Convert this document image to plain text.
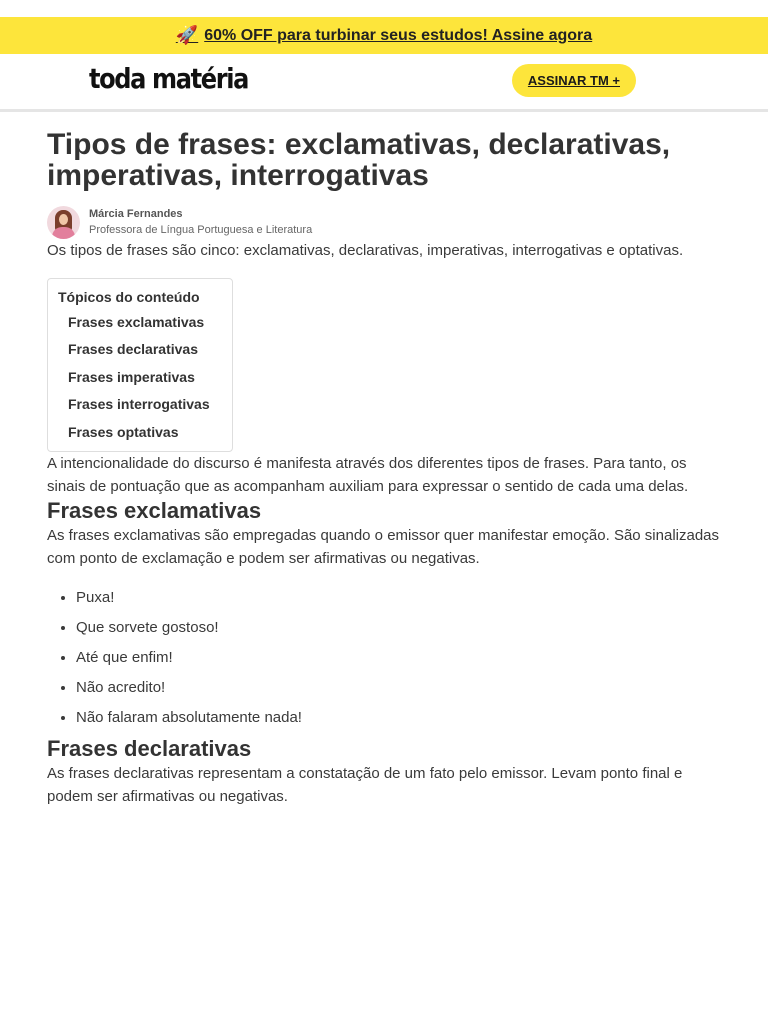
🚀 60% OFF para turbinar seus estudos! Assine agora
toda matéria	ASSINAR TM +
Tipos de frases: exclamativas, declarativas, imperativas, interrogativas
Márcia Fernandes
Professora de Língua Portuguesa e Literatura

Os tipos de frases são cinco: exclamativas, declarativas, imperativas, interrogativas e optativas.

Tópicos do conteúdo
Frases exclamativas
Frases declarativas
Frases imperativas
Frases interrogativas
Frases optativas

A intencionalidade do discurso é manifesta através dos diferentes tipos de frases. Para tanto, os sinais de pontuação que as acompanham auxiliam para expressar o sentido de cada uma delas.

Frases exclamativas

As frases exclamativas são empregadas quando o emissor quer manifestar emoção. São sinalizadas com ponto de exclamação e podem ser afirmativas ou negativas.

• Puxa!
• Que sorvete gostoso!
• Até que enfim!
• Não acredito!
• Não falaram absolutamente nada!
Frases declarativas

As frases declarativas representam a constatação de um fato pelo emissor. Levam ponto final e podem ser afirmativas ou negativas.
